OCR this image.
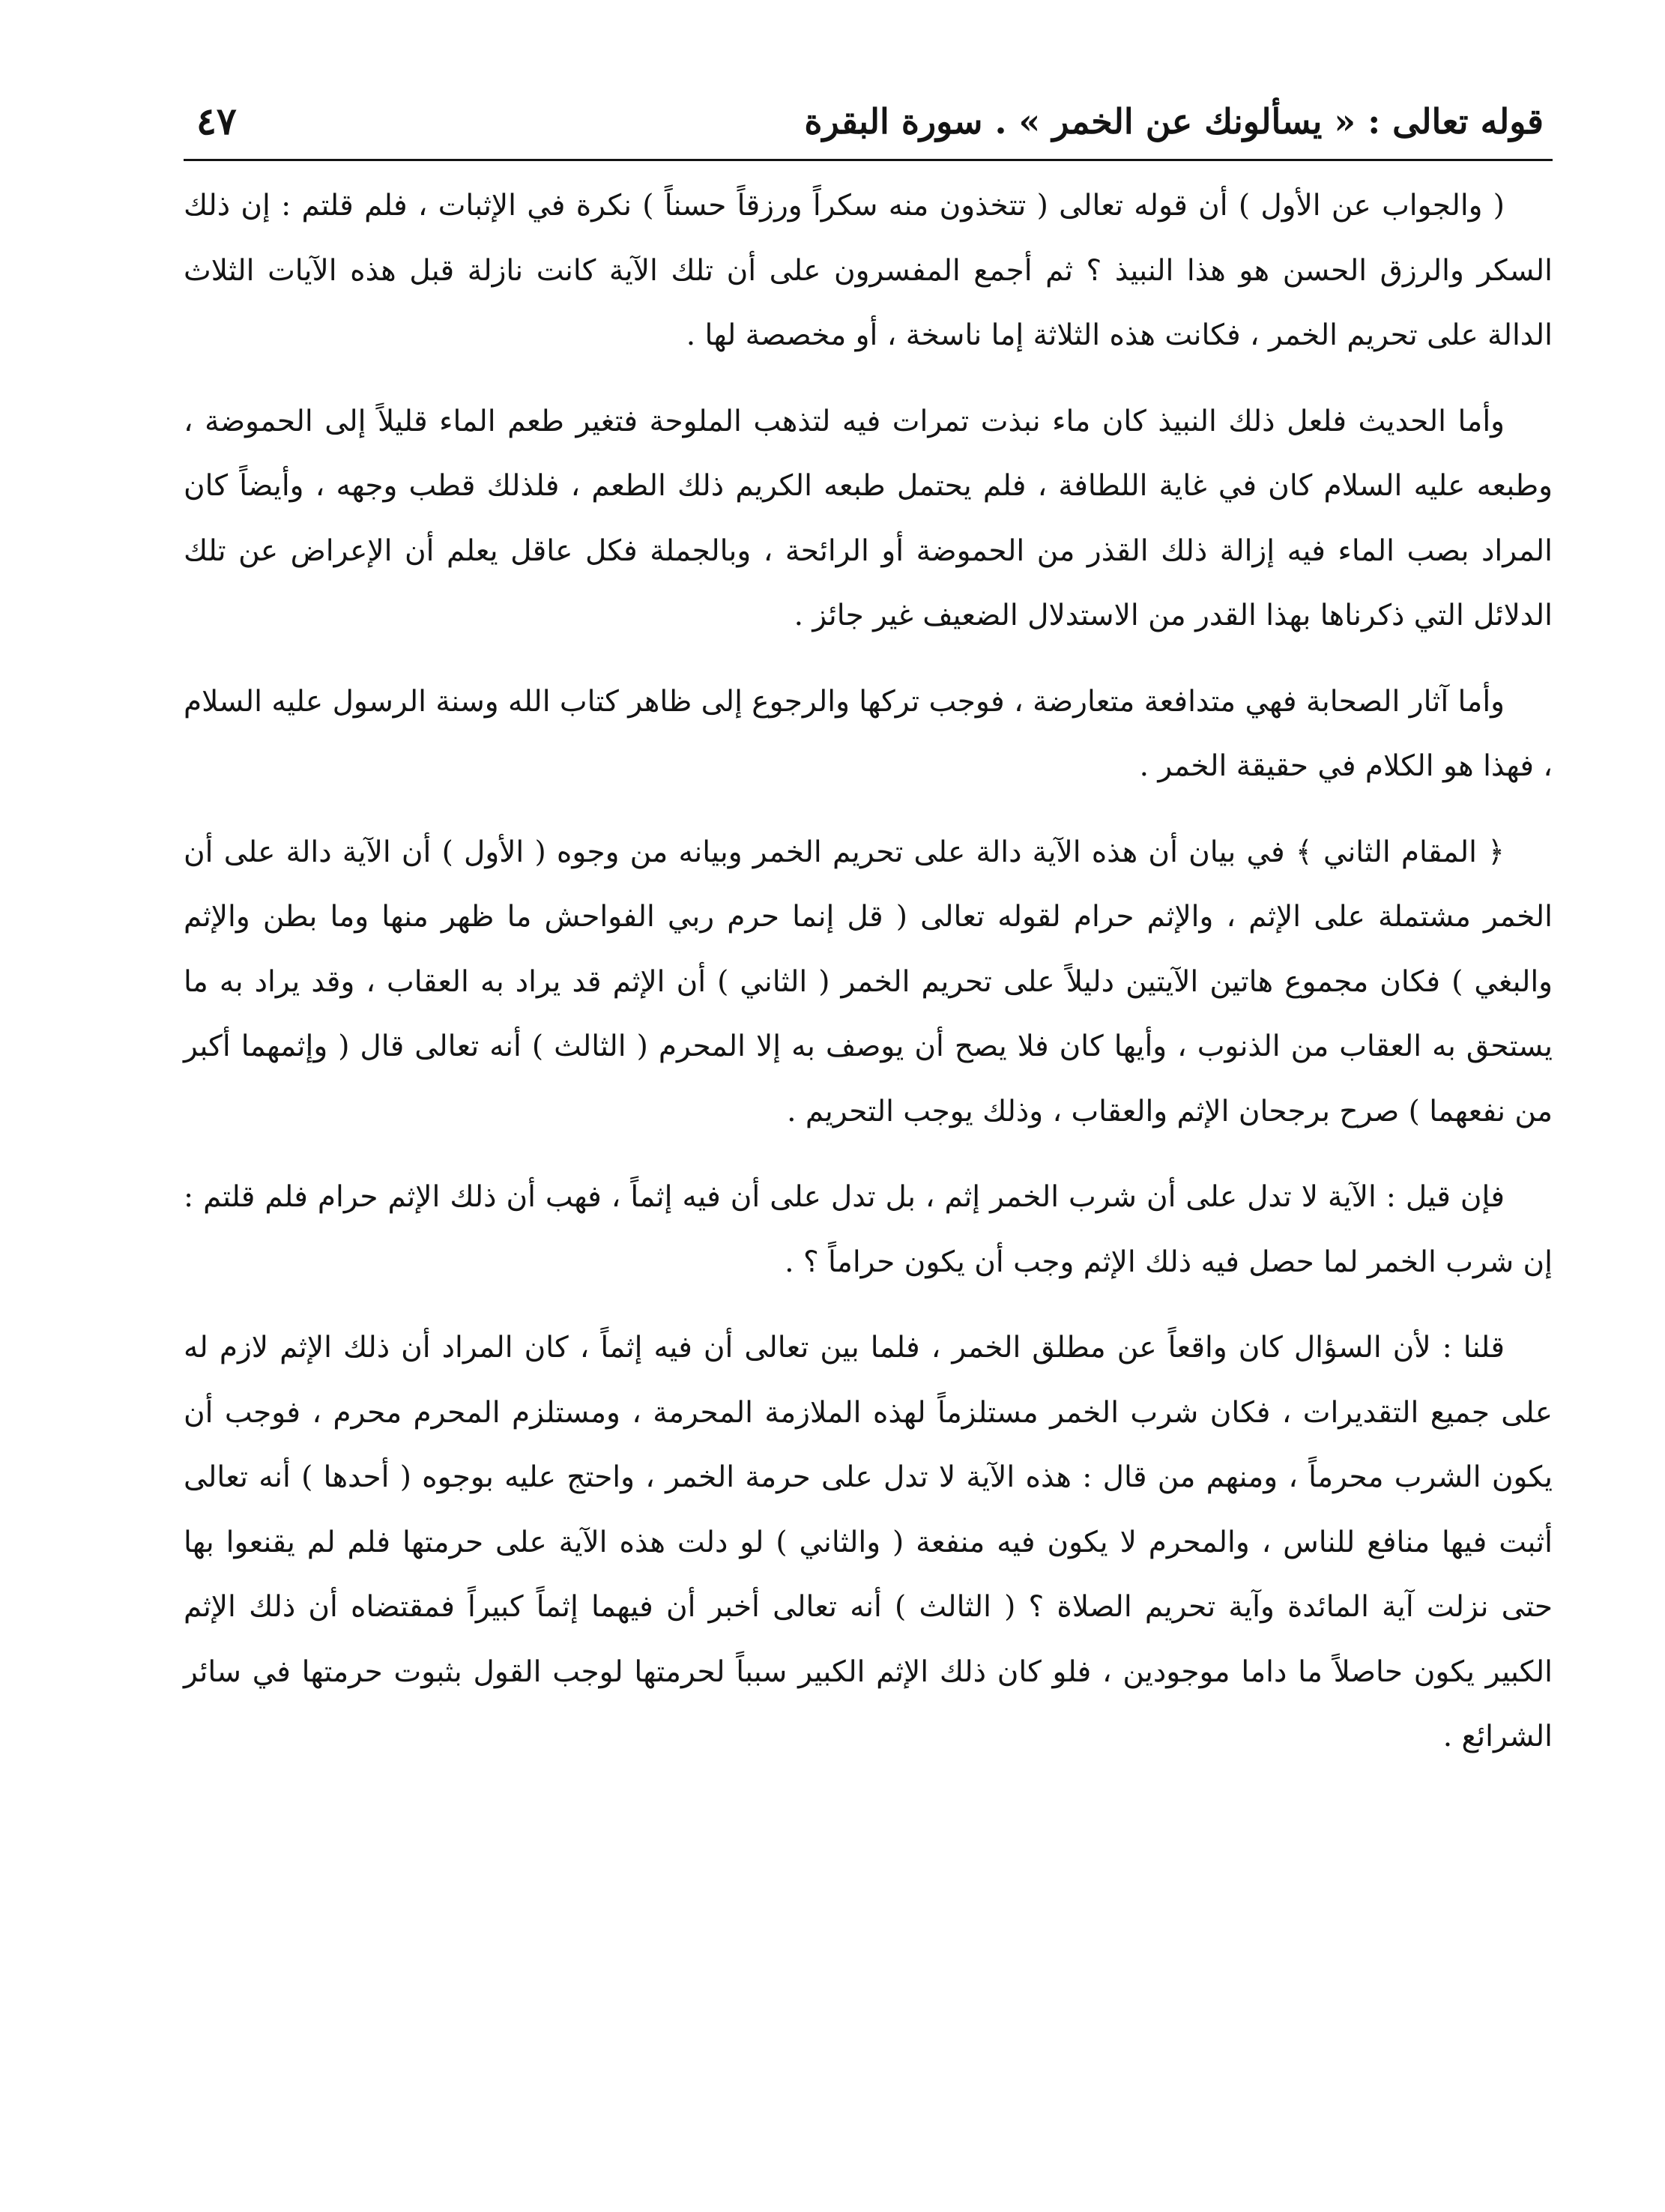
قوله تعالى : « يسألونك عن الخمر » . سورة البقرة
٤٧

( والجواب عن الأول ) أن قوله تعالى ( تتخذون منه سكراً ورزقاً حسناً ) نكرة في الإثبات ، فلم قلتم : إن ذلك السكر والرزق الحسن هو هذا النبيذ ؟ ثم أجمع المفسرون على أن تلك الآية كانت نازلة قبل هذه الآيات الثلاث الدالة على تحريم الخمر ، فكانت هذه الثلاثة إما ناسخة ، أو مخصصة لها .

وأما الحديث فلعل ذلك النبيذ كان ماء نبذت تمرات فيه لتذهب الملوحة فتغير طعم الماء قليلاً إلى الحموضة ، وطبعه عليه السلام كان في غاية اللطافة ، فلم يحتمل طبعه الكريم ذلك الطعم ، فلذلك قطب وجهه ، وأيضاً كان المراد بصب الماء فيه إزالة ذلك القذر من الحموضة أو الرائحة ، وبالجملة فكل عاقل يعلم أن الإعراض عن تلك الدلائل التي ذكرناها بهذا القدر من الاستدلال الضعيف غير جائز .

وأما آثار الصحابة فهي متدافعة متعارضة ، فوجب تركها والرجوع إلى ظاهر كتاب الله وسنة الرسول عليه السلام ، فهذا هو الكلام في حقيقة الخمر .

﴿ المقام الثاني ﴾ في بيان أن هذه الآية دالة على تحريم الخمر وبيانه من وجوه ( الأول ) أن الآية دالة على أن الخمر مشتملة على الإثم ، والإثم حرام لقوله تعالى ( قل إنما حرم ربي الفواحش ما ظهر منها وما بطن والإثم والبغي ) فكان مجموع هاتين الآيتين دليلاً على تحريم الخمر ( الثاني ) أن الإثم قد يراد به العقاب ، وقد يراد به ما يستحق به العقاب من الذنوب ، وأيها كان فلا يصح أن يوصف به إلا المحرم ( الثالث ) أنه تعالى قال ( وإثمهما أكبر من نفعهما ) صرح برجحان الإثم والعقاب ، وذلك يوجب التحريم .

فإن قيل : الآية لا تدل على أن شرب الخمر إثم ، بل تدل على أن فيه إثماً ، فهب أن ذلك الإثم حرام فلم قلتم : إن شرب الخمر لما حصل فيه ذلك الإثم وجب أن يكون حراماً ؟ .

قلنا : لأن السؤال كان واقعاً عن مطلق الخمر ، فلما بين تعالى أن فيه إثماً ، كان المراد أن ذلك الإثم لازم له على جميع التقديرات ، فكان شرب الخمر مستلزماً لهذه الملازمة المحرمة ، ومستلزم المحرم محرم ، فوجب أن يكون الشرب محرماً ، ومنهم من قال : هذه الآية لا تدل على حرمة الخمر ، واحتج عليه بوجوه ( أحدها ) أنه تعالى أثبت فيها منافع للناس ، والمحرم لا يكون فيه منفعة ( والثاني ) لو دلت هذه الآية على حرمتها فلم لم يقنعوا بها حتى نزلت آية المائدة وآية تحريم الصلاة ؟ ( الثالث ) أنه تعالى أخبر أن فيهما إثماً كبيراً فمقتضاه أن ذلك الإثم الكبير يكون حاصلاً ما داما موجودين ، فلو كان ذلك الإثم الكبير سبباً لحرمتها لوجب القول بثبوت حرمتها في سائر الشرائع .
